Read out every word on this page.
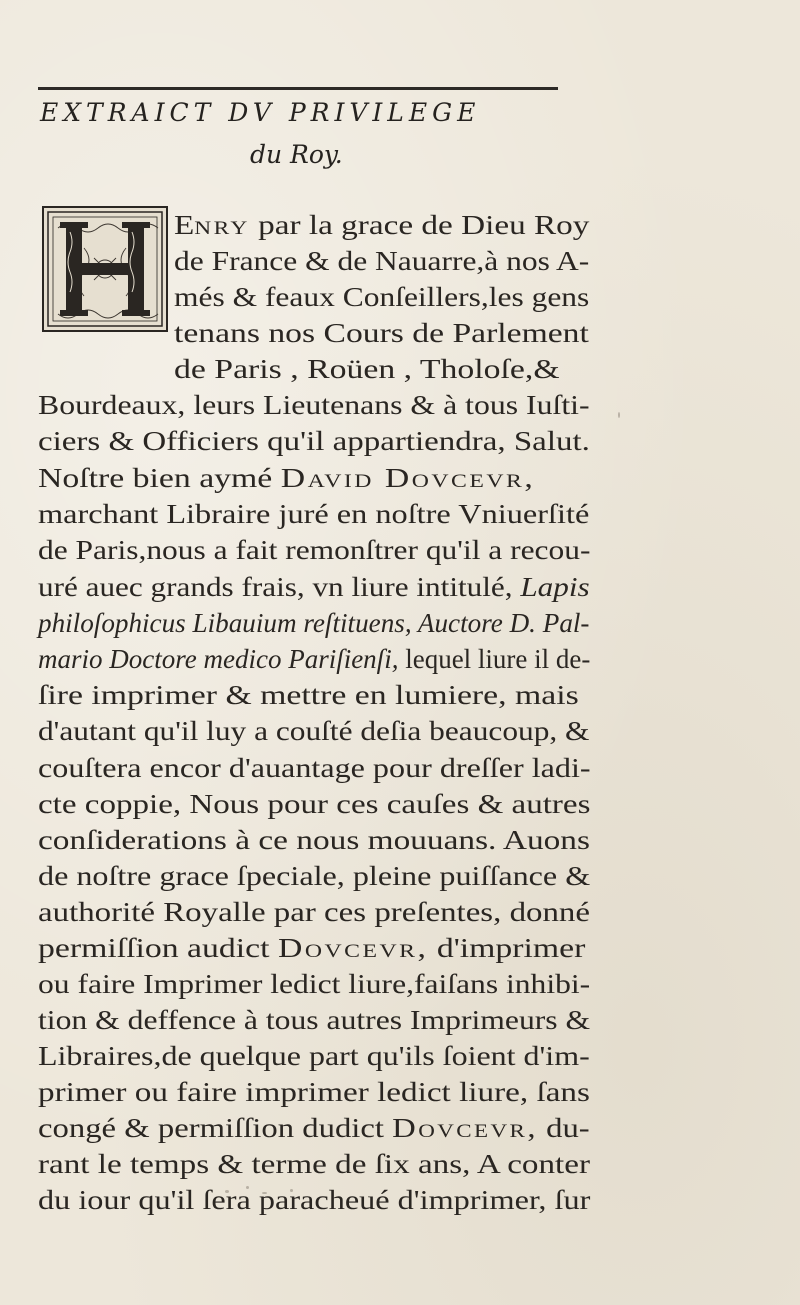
EXTRAICT DV PRIVILEGE
du Roy.
Enry par la grace de Dieu Roy
de France & de Nauarre,à nos A-
més & feaux Conſeillers,les gens
tenans nos Cours de Parlement
de Paris , Roüen , Tholoſe,&
Bourdeaux, leurs Lieutenans & à tous Iuſti-
ciers & Officiers qu'il appartiendra, Salut.
Noſtre bien aymé David Dovcevr,
marchant Libraire juré en noſtre Vniuerſité
de Paris,nous a fait remonſtrer qu'il a recou-
uré auec grands frais, vn liure intitulé, Lapis
philoſophicus Libauium reſtituens, Auctore D. Pal-
mario Doctore medico Pariſienſi, lequel liure il de-
ſire imprimer & mettre en lumiere, mais
d'autant qu'il luy a couſté deſia beaucoup, &
couſtera encor d'auantage pour dreſſer ladi-
cte coppie, Nous pour ces cauſes & autres
conſiderations à ce nous mouuans. Auons
de noſtre grace ſpeciale, pleine puiſſance &
authorité Royalle par ces preſentes, donné
permiſſion audict Dovcevr, d'imprimer
ou faire Imprimer ledict liure,faiſans inhibi-
tion & deffence à tous autres Imprimeurs &
Libraires,de quelque part qu'ils ſoient d'im-
primer ou faire imprimer ledict liure, ſans
congé & permiſſion dudict Dovcevr, du-
rant le temps & terme de ſix ans, A conter
du iour qu'il ſera paracheué d'imprimer, ſur
